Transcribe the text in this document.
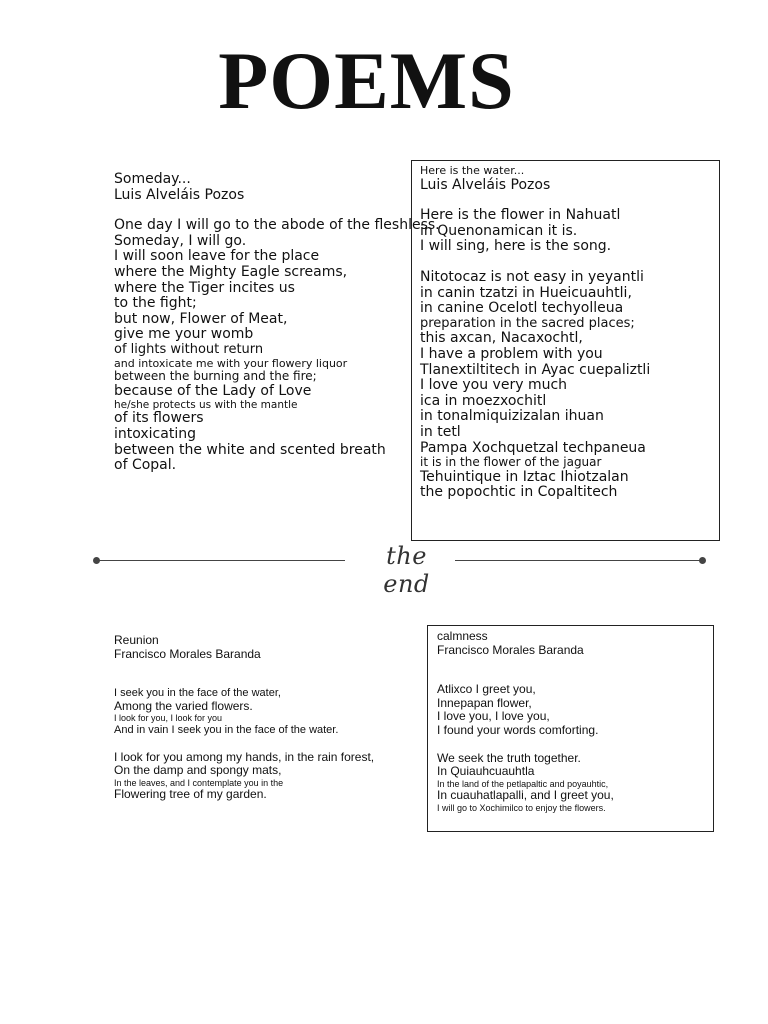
POEMS
Someday...
Luis Alveláis Pozos
One day I will go to the abode of the fleshless.
Someday, I will go.
I will soon leave for the place
where the Mighty Eagle screams,
where the Tiger incites us
to the fight;
but now, Flower of Meat,
give me your womb
of lights without return
and intoxicate me with your flowery liquor
between the burning and the fire;
because of the Lady of Love
he/she protects us with the mantle
of its flowers
intoxicating
between the white and scented breath
of Copal.
Here is the water...
Luis Alveláis Pozos
Here is the flower in Nahuatl
in Quenonamican it is.
I will sing, here is the song.
Nitotocaz is not easy in yeyantli
in canin tzatzi in Hueicuauhtli,
in canine Ocelotl techyolleua
preparation in the sacred places;
this axcan, Nacaxochtl,
I have a problem with you
Tlanextiltitech in Ayac cuepaliztli
I love you very much
ica in moezxochitl
in tonalmiquizizalan ihuan
in tetl
Pampa Xochquetzal techpaneua
it is in the flower of the jaguar
Tehuintique in Iztac Ihiotzalan
the popochtic in Copaltitech
the end
Reunion
Francisco Morales Baranda
I seek you in the face of the water,
Among the varied flowers.
I look for you, I look for you
And in vain I seek you in the face of the water.
I look for you among my hands, in the rain forest,
On the damp and spongy mats,
In the leaves, and I contemplate you in the
Flowering tree of my garden.
calmness
Francisco Morales Baranda
Atlixco I greet you,
Innepapan flower,
I love you, I love you,
I found your words comforting.
We seek the truth together.
In Quiauhcuauhtla
In the land of the petlapaltic and poyauhtic,
In cuauhatlapalli, and I greet you,
I will go to Xochimilco to enjoy the flowers.
